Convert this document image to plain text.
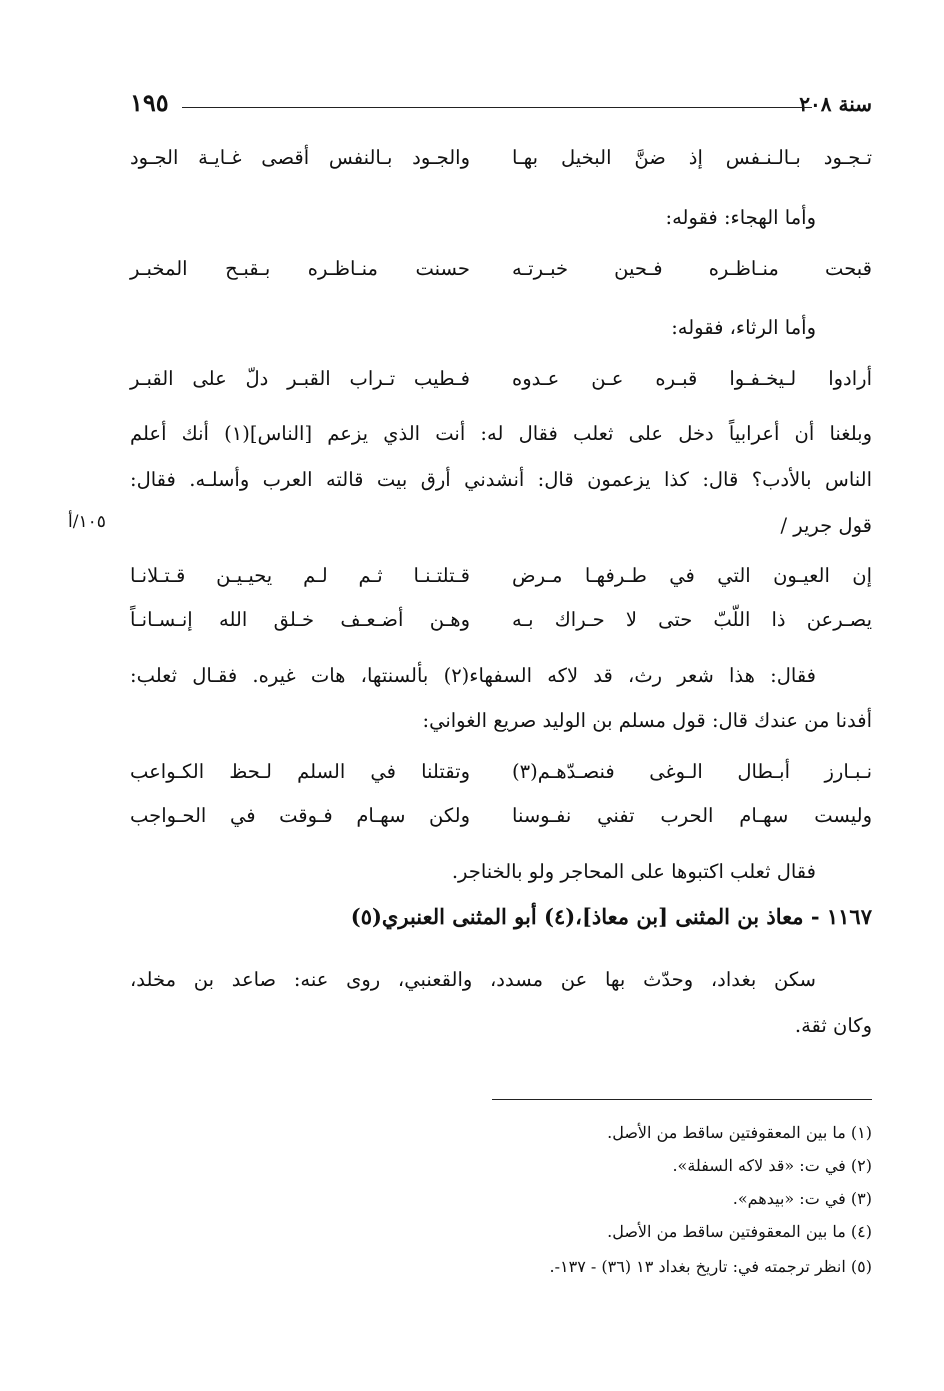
سنة ٢٠٨
١٩٥
تـجـود بـالـنـفس إذ ضنَّ البخيل بهـا
والجـود بـالنفس أقصى غـايـة الجـود
وأما الهجاء: فقوله:
قبحت منـاظـره فـحين خبـرتـه
حسنت منـاظـره بـقبـح المخبـر
وأما الرثاء، فقوله:
أرادوا لـيخـفـوا قبـره عـن عـدوه
فـطيب تـراب القبـر دلّ على القبـر
وبلغنا أن أعرابياً دخل على ثعلب فقال له: أنت الذي يزعم [الناس](١) أنك أعلم
الناس بالأدب؟ قال: كذا يزعمون قال: أنشدني أرق بيت قالته العرب وأسلـه. فقال:
قول جرير /
١٠٥/أ
إن العيـون التي في طـرفهـا مـرض
قـتلتـنـا ثـم لـم يحيـيـن قـتـلانـا
يصـرعن ذا اللّبّ حتى لا حـراك بـه
وهـن أضـعـف خـلق الله إنـسـانـاً
فقال: هذا شعر رث، قد لاكه السفهاء(٢) بألسنتها، هات غيره. فقـال ثعلب:
أفدنا من عندك قال: قول مسلم بن الوليد صريع الغواني:
نـبـارز أبـطال الـوغى فنصـدّهـم(٣)
وتقتلنا في السلم لـحظ الكـواعب
وليست سهـام الحرب تفني نفـوسنا
ولكن سهـام فـوقت في الحـواجب
فقال ثعلب اكتبوها على المحاجر ولو بالخناجر.
١١٦٧ - معاذ بن المثنى [بن معاذ]،(٤) أبو المثنى العنبري(٥)
سكن بغداد، وحدّث بها عن مسدد، والقعنبي، روى عنه: صاعد بن مخلد،
وكان ثقة.
(١) ما بين المعقوفتين ساقط من الأصل.
(٢) في ت: «قد لاكه السفلة».
(٣) في ت: «بيدهم».
(٤) ما بين المعقوفتين ساقط من الأصل.
(٥) انظر ترجمته في: تاريخ بغداد ١٣ (٣٦) - ١٣٧-.
